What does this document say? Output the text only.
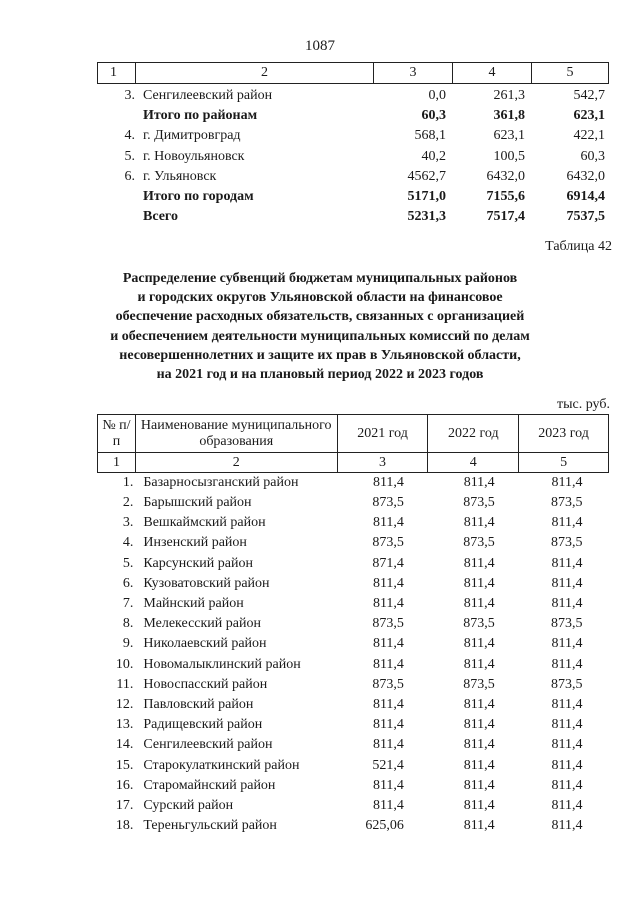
1087
1	2	3	4	5
3. Сенгилеевский район	0,0	261,3	542,7
Итого по районам	60,3	361,8	623,1
4. г. Димитровград	568,1	623,1	422,1
5. г. Новоульяновск	40,2	100,5	60,3
6. г. Ульяновск	4562,7	6432,0	6432,0
Итого по городам	5171,0	7155,6	6914,4
Всего	5231,3	7517,4	7537,5
Таблица 42
Распределение субвенций бюджетам муниципальных районов
и городских округов Ульяновской области на финансовое
обеспечение расходных обязательств, связанных с организацией
и обеспечением деятельности муниципальных комиссий по делам
несовершеннолетних и защите их прав в Ульяновской области,
на 2021 год и на плановый период 2022 и 2023 годов
тыс. руб.
№ п/п	Наименование муниципального образования	2021 год	2022 год	2023 год
1	2	3	4	5
1.	Базарносызганский район	811,4	811,4	811,4
2.	Барышский район	873,5	873,5	873,5
3.	Вешкаймский район	811,4	811,4	811,4
4.	Инзенский район	873,5	873,5	873,5
5.	Карсунский район	871,4	811,4	811,4
6.	Кузоватовский район	811,4	811,4	811,4
7.	Майнский район	811,4	811,4	811,4
8.	Мелекесский район	873,5	873,5	873,5
9.	Николаевский район	811,4	811,4	811,4
10.	Новомалыклинский район	811,4	811,4	811,4
11.	Новоспасский район	873,5	873,5	873,5
12.	Павловский район	811,4	811,4	811,4
13.	Радищевский район	811,4	811,4	811,4
14.	Сенгилеевский район	811,4	811,4	811,4
15.	Старокулаткинский район	521,4	811,4	811,4
16.	Старомайнский район	811,4	811,4	811,4
17.	Сурский район	811,4	811,4	811,4
18.	Тереньгульский район	625,06	811,4	811,4
